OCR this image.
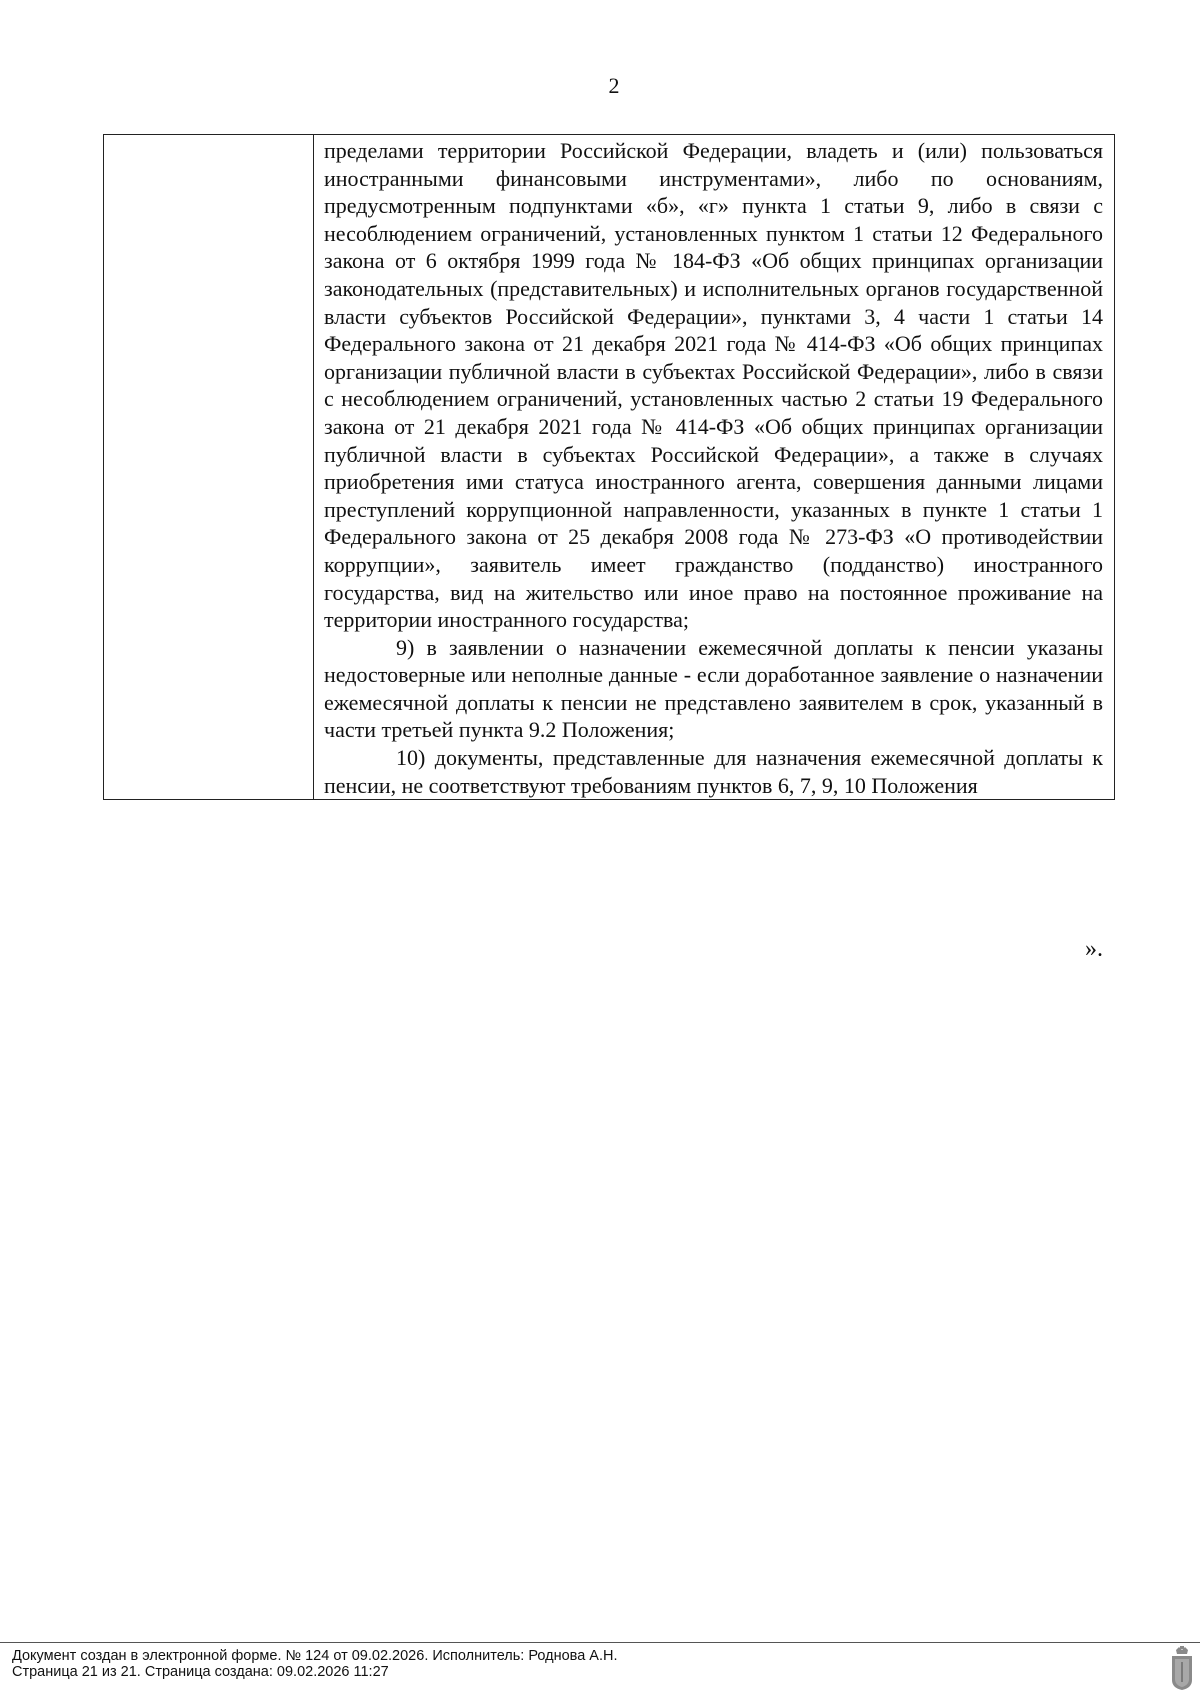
2

пределами территории Российской Федерации, владеть и (или) пользоваться иностранными финансовыми инструментами», либо по основаниям, предусмотренным подпунктами «б», «г» пункта 1 статьи 9, либо в связи с несоблюдением ограничений, установленных пунктом 1 статьи 12 Федерального закона от 6 октября 1999 года № 184-ФЗ «Об общих принципах организации законодательных (представительных) и исполнительных органов государственной власти субъектов Российской Федерации», пунктами 3, 4 части 1 статьи 14 Федерального закона от 21 декабря 2021 года № 414-ФЗ «Об общих принципах организации публичной власти в субъектах Российской Федерации», либо в связи с несоблюдением ограничений, установленных частью 2 статьи 19 Федерального закона от 21 декабря 2021 года № 414-ФЗ «Об общих принципах организации публичной власти в субъектах Российской Федерации», а также в случаях приобретения ими статуса иностранного агента, совершения данными лицами преступлений коррупционной направленности, указанных в пункте 1 статьи 1 Федерального закона от 25 декабря 2008 года № 273-ФЗ «О противодействии коррупции», заявитель имеет гражданство (подданство) иностранного государства, вид на жительство или иное право на постоянное проживание на территории иностранного государства;

9) в заявлении о назначении ежемесячной доплаты к пенсии указаны недостоверные или неполные данные - если доработанное заявление о назначении ежемесячной доплаты к пенсии не представлено заявителем в срок, указанный в части третьей пункта 9.2 Положения;

10) документы, представленные для назначения ежемесячной доплаты к пенсии, не соответствуют требованиям пунктов 6, 7, 9, 10 Положения

».
Документ создан в электронной форме. № 124 от 09.02.2026. Исполнитель: Роднова А.Н.
Страница 21 из 21. Страница создана: 09.02.2026 11:27
